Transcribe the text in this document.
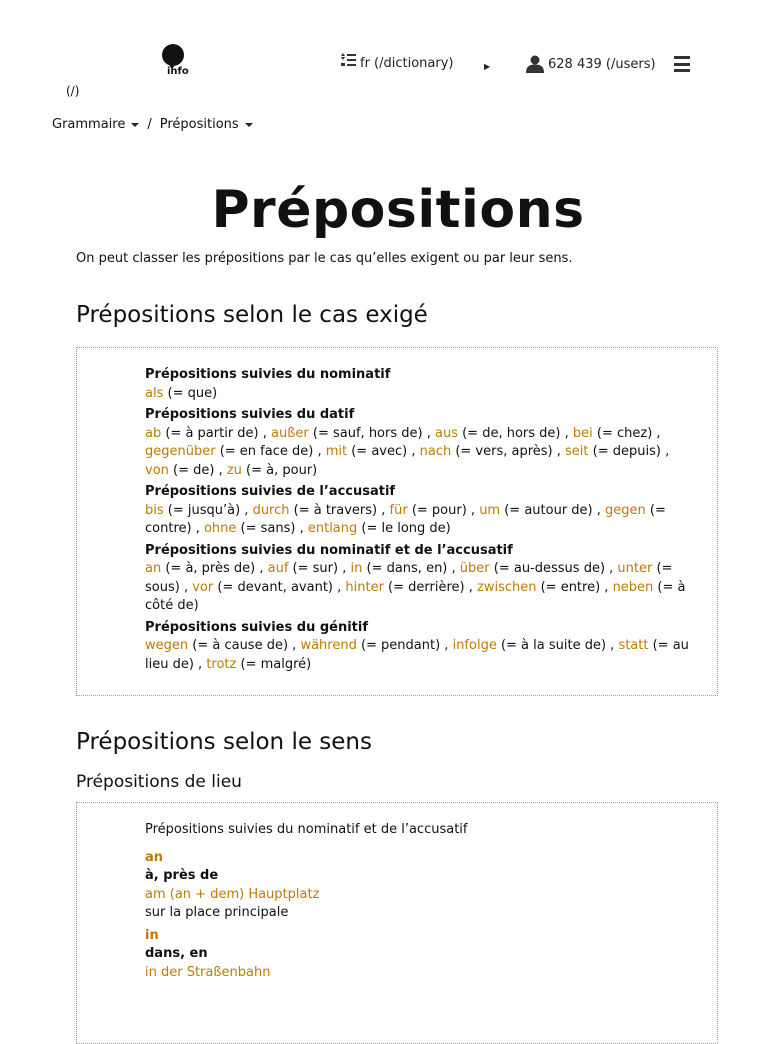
info
(/)
fr (/dictionary)	▶	628 439 (/users)
Grammaire	/ Prépositions
Prépositions
On peut classer les prépositions par le cas qu’elles exigent ou par leur sens.
Prépositions selon le cas exigé
Prépositions suivies du nominatif
als (= que)
Prépositions suivies du datif
ab (= à partir de) , außer (= sauf, hors de) , aus (= de, hors de) , bei (= chez) , gegenüber (= en face de) , mit (= avec) , nach (= vers, après) , seit (= depuis) , von (= de) , zu (= à, pour)
Prépositions suivies de l’accusatif
bis (= jusqu’à) , durch (= à travers) , für (= pour) , um (= autour de) , gegen (= contre) , ohne (= sans) , entlang (= le long de)
Prépositions suivies du nominatif et de l’accusatif
an (= à, près de) , auf (= sur) , in (= dans, en) , über (= au-dessus de) , unter (= sous) , vor (= devant, avant) , hinter (= derrière) , zwischen (= entre) , neben (= à côté de)
Prépositions suivies du génitif
wegen (= à cause de) , während (= pendant) , infolge (= à la suite de) , statt (= au lieu de) , trotz (= malgré)
Prépositions selon le sens
Prépositions de lieu
Prépositions suivies du nominatif et de l’accusatif
an
à, près de
am (an + dem) Hauptplatz
sur la place principale
in
dans, en
in der Straßenbahn
